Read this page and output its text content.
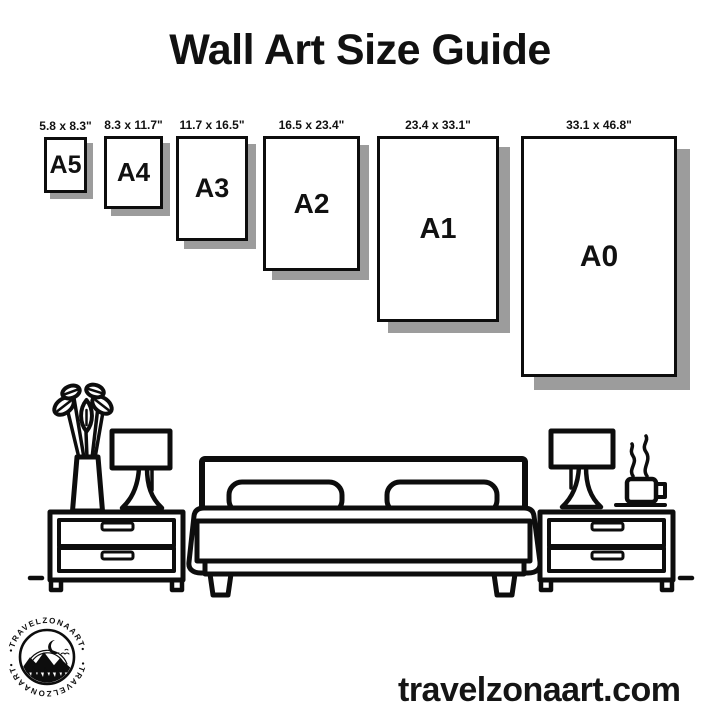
Wall Art Size Guide
A5
5.8 x 8.3"
A4
8.3 x 11.7"
A3
11.7 x 16.5"
A2
16.5 x 23.4"
A1
23.4 x 33.1"
A0
33.1 x 46.8"
•TRAVELZONAART•
•TRAVELZONAART•
travelzonaart.com
